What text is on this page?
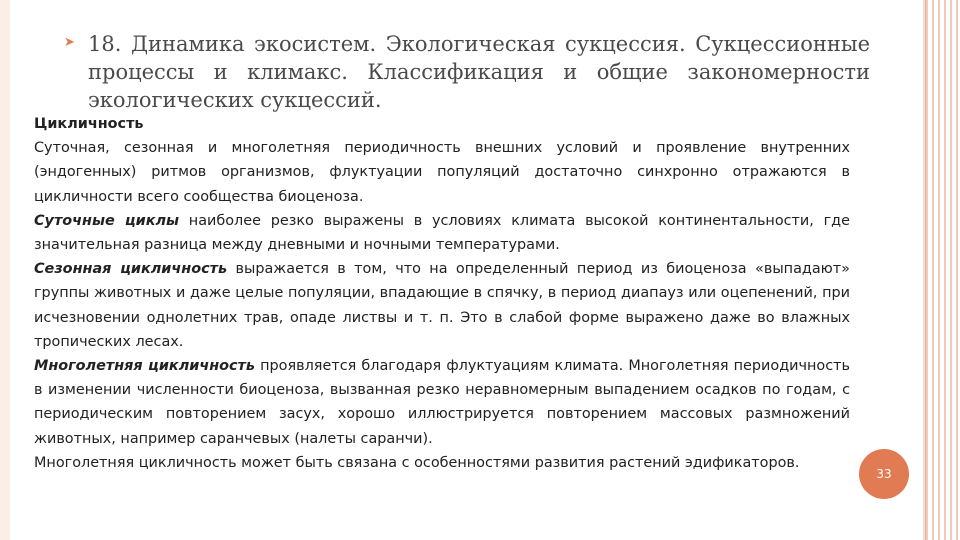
➤ 18. Динамика экосистем. Экологическая сукцессия. Сукцессионные
процессы и климакс. Классификация и общие закономерности
экологических сукцессий.
Цикличность
Суточная, сезонная и многолетняя периодичность внешних условий и проявление внутренних (эндогенных) ритмов организмов, флуктуации популяций достаточно синхронно отражаются в цикличности всего сообщества биоценоза.
Суточные циклы наиболее резко выражены в условиях климата высокой континентальности, где значительная разница между дневными и ночными температурами.
Сезонная цикличность выражается в том, что на определенный период из биоценоза «выпадают» группы животных и даже целые популяции, впадающие в спячку, в период диапауз или оцепенений, при исчезновении однолетних трав, опаде листвы и т. п. Это в слабой форме выражено даже во влажных тропических лесах.
Многолетняя цикличность проявляется благодаря флуктуациям климата. Многолетняя периодичность в изменении численности биоценоза, вызванная резко неравномерным выпадением осадков по годам, с периодическим повторением засух, хорошо иллюстрируется повторением массовых размножений животных, например саранчевых (налеты саранчи).
Многолетняя цикличность может быть связана с особенностями развития растений эдификаторов.
33
